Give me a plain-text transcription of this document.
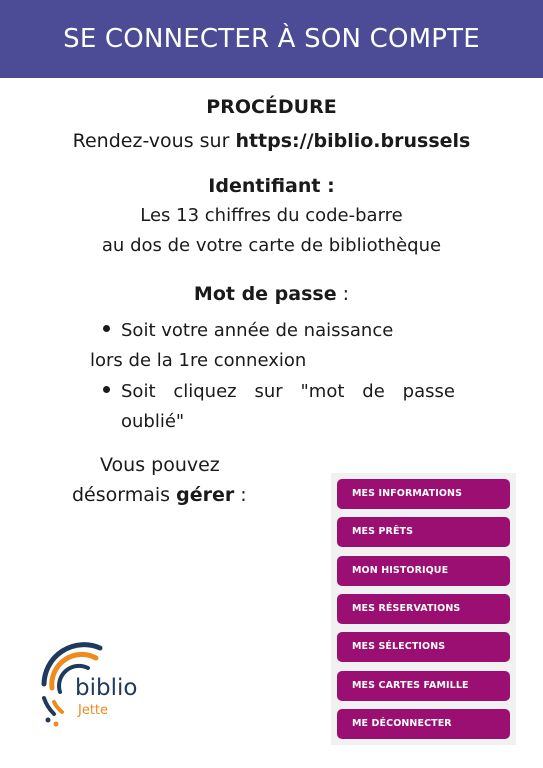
SE CONNECTER À SON COMPTE
PROCÉDURE
Rendez-vous sur https://biblio.brussels
Identifiant :
Les 13 chiffres du code-barre
au dos de votre carte de bibliothèque
Mot de passe :
Soit votre année de naissance
lors de la 1re connexion
Soit cliquez sur "mot de passe
oublié"
Vous pouvez
désormais gérer :	MES INFORMATIONS
MES PRÊTS
MON HISTORIQUE
MES RÉSERVATIONS
MES SÉLECTIONS
MES CARTES FAMILLE
ME DÉCONNECTER
biblio
Jette
